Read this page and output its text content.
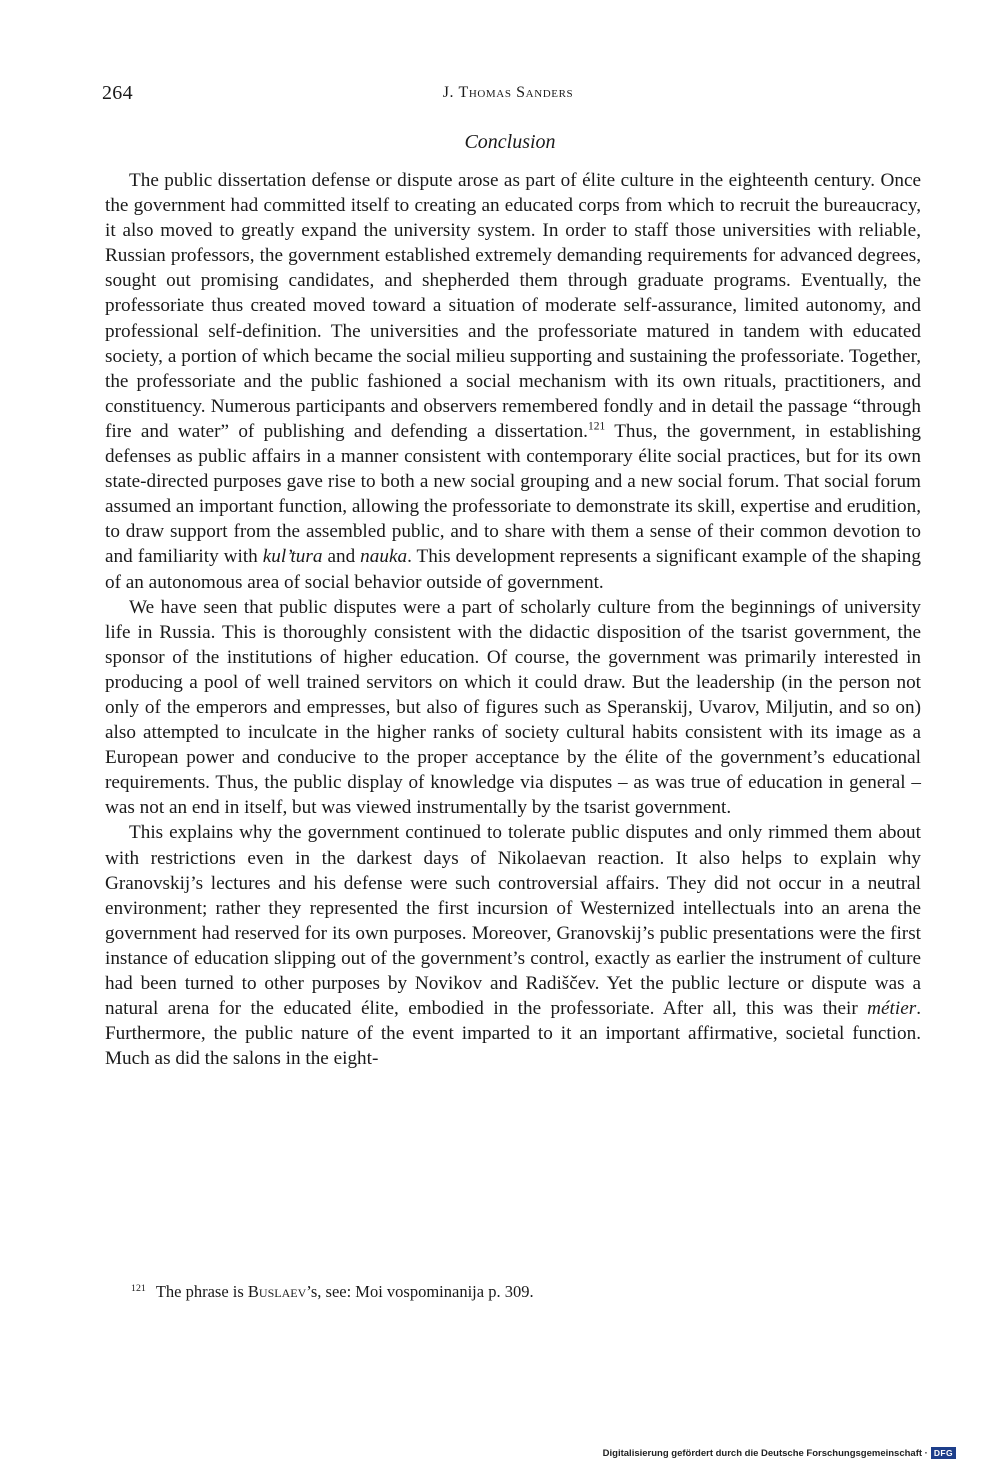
264	J. Thomas Sanders
Conclusion

The public dissertation defense or dispute arose as part of élite culture in the eighteenth century. Once the government had committed itself to creating an educated corps from which to recruit the bureaucracy, it also moved to greatly expand the university system. In order to staff those universities with reliable, Russian professors, the government established extremely demanding requirements for advanced degrees, sought out promising candidates, and shepherded them through graduate programs. Eventually, the professoriate thus created moved toward a situation of moderate self-assurance, limited autonomy, and professional self-definition. The universities and the professoriate matured in tandem with educated society, a portion of which became the social milieu supporting and sustaining the professoriate. Together, the professoriate and the public fashioned a social mechanism with its own rituals, practitioners, and constituency. Numerous participants and observers remembered fondly and in detail the passage “through fire and water” of publishing and defending a dissertation.$^{121}$ Thus, the government, in establishing defenses as public affairs in a manner consistent with contemporary élite social practices, but for its own state-directed purposes gave rise to both a new social grouping and a new social forum. That social forum assumed an important function, allowing the professoriate to demonstrate its skill, expertise and erudition, to draw support from the assembled public, and to share with them a sense of their common devotion to and familiarity with kul’tura and nauka. This development represents a significant example of the shaping of an autonomous area of social behavior outside of government.

We have seen that public disputes were a part of scholarly culture from the beginnings of university life in Russia. This is thoroughly consistent with the didactic disposition of the tsarist government, the sponsor of the institutions of higher education. Of course, the government was primarily interested in producing a pool of well trained servitors on which it could draw. But the leadership (in the person not only of the emperors and empresses, but also of figures such as Speranskij, Uvarov, Miljutin, and so on) also attempted to inculcate in the higher ranks of society cultural habits consistent with its image as a European power and conducive to the proper acceptance by the élite of the government’s educational requirements. Thus, the public display of knowledge via disputes – as was true of education in general – was not an end in itself, but was viewed instrumentally by the tsarist government.

This explains why the government continued to tolerate public disputes and only rimmed them about with restrictions even in the darkest days of Nikolaevan reaction. It also helps to explain why Granovskij’s lectures and his defense were such controversial affairs. They did not occur in a neutral environment; rather they represented the first incursion of Westernized intellectuals into an arena the government had reserved for its own purposes. Moreover, Granovskij’s public presentations were the first instance of education slipping out of the government’s control, exactly as earlier the instrument of culture had been turned to other purposes by Novikov and Radiščev. Yet the public lecture or dispute was a natural arena for the educated élite, embodied in the professoriate. After all, this was their métier. Furthermore, the public nature of the event imparted to it an important affirmative, societal function. Much as did the salons in the eight-

$^{121}$ The phrase is Buslaev’s, see: Moi vospominanija p. 309.
Digitalisierung gefördert durch die Deutsche Forschungsgemeinschaft · DFG
